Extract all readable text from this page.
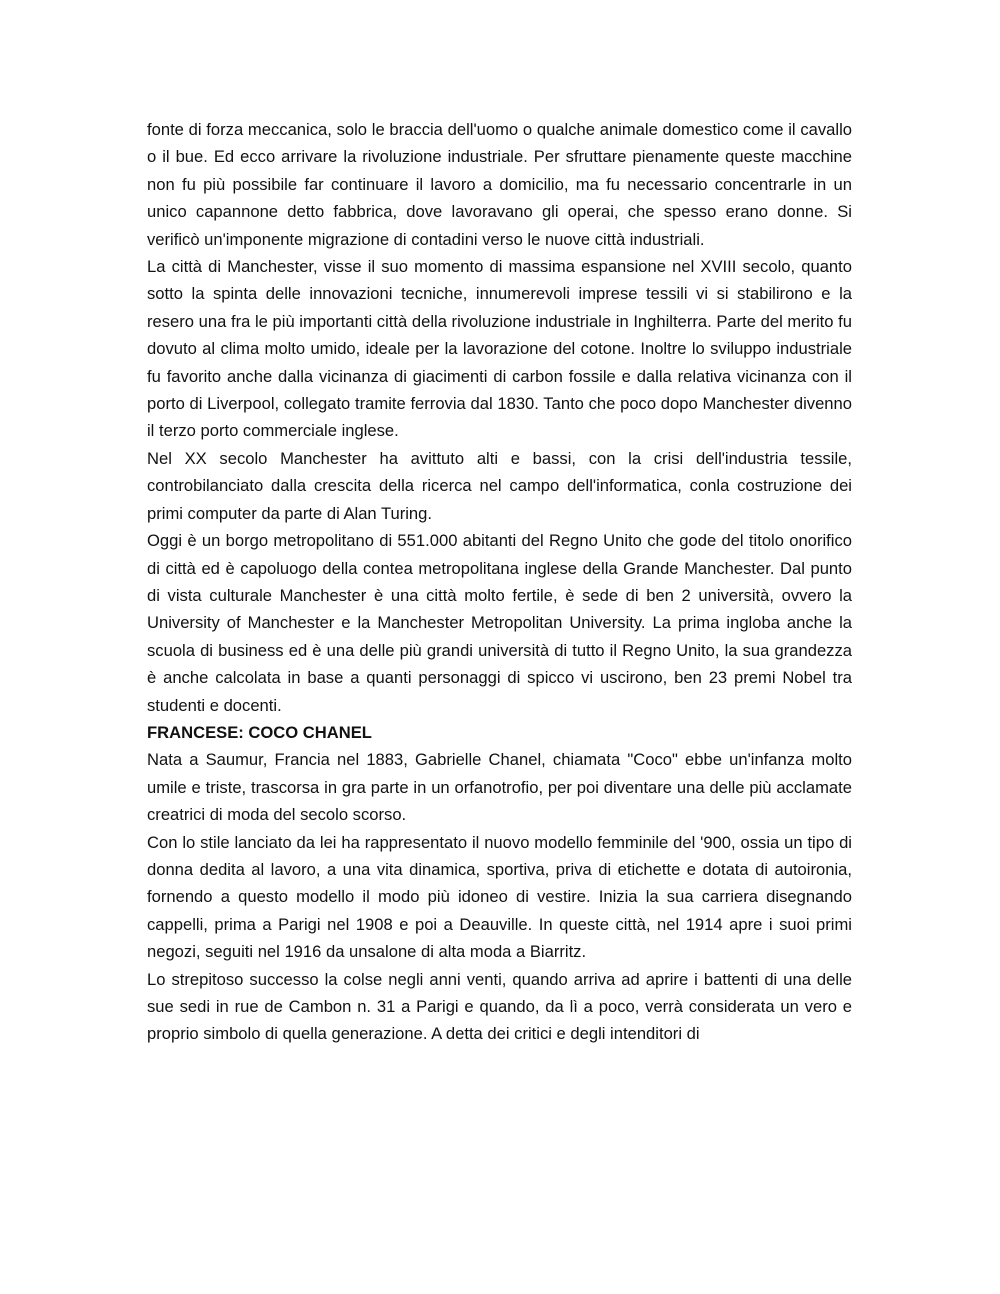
fonte di forza meccanica, solo le braccia dell'uomo o qualche animale domestico come il cavallo o il bue. Ed ecco arrivare la rivoluzione industriale. Per sfruttare pienamente queste macchine non fu più possibile far continuare il lavoro a domicilio, ma fu necessario concentrarle in un unico capannone detto fabbrica, dove lavoravano gli operai, che spesso erano donne. Si verificò un'imponente migrazione di contadini verso le nuove città industriali.

La città di Manchester, visse il suo momento di massima espansione nel XVIII secolo, quanto sotto la spinta delle innovazioni tecniche, innumerevoli imprese tessili vi si stabilirono e la resero una fra le più importanti città della rivoluzione industriale in Inghilterra. Parte del merito fu dovuto al clima molto umido, ideale per la lavorazione del cotone. Inoltre lo sviluppo industriale fu favorito anche dalla vicinanza di giacimenti di carbon fossile e dalla relativa vicinanza con il porto di Liverpool, collegato tramite ferrovia dal 1830. Tanto che poco dopo Manchester divenno il terzo porto commerciale inglese.

Nel XX secolo Manchester ha avittuto alti e bassi, con la crisi dell'industria tessile, controbilanciato dalla crescita della ricerca nel campo dell'informatica, conla costruzione dei primi computer da parte di Alan Turing.

Oggi è un borgo metropolitano di 551.000 abitanti del Regno Unito che gode del titolo onorifico di città ed è capoluogo della contea metropolitana inglese della Grande Manchester. Dal punto di vista culturale Manchester è una città molto fertile, è sede di ben 2 università, ovvero la University of Manchester e la Manchester Metropolitan University. La prima ingloba anche la scuola di business ed è una delle più grandi università di tutto il Regno Unito, la sua grandezza è anche calcolata in base a quanti personaggi di spicco vi uscirono, ben 23 premi Nobel tra studenti e docenti.

FRANCESE: COCO CHANEL

Nata a Saumur, Francia nel 1883, Gabrielle Chanel, chiamata "Coco" ebbe un'infanza molto umile e triste, trascorsa in gra parte in un orfanotrofio, per poi diventare una delle più acclamate creatrici di moda del secolo scorso.

Con lo stile lanciato da lei ha rappresentato il nuovo modello femminile del '900, ossia un tipo di donna dedita al lavoro, a una vita dinamica, sportiva, priva di etichette e dotata di autoironia, fornendo a questo modello il modo più idoneo di vestire. Inizia la sua carriera disegnando cappelli, prima a Parigi nel 1908 e poi a Deauville. In queste città, nel 1914 apre i suoi primi negozi, seguiti nel 1916 da unsalone di alta moda a Biarritz.

Lo strepitoso successo la colse negli anni venti, quando arriva ad aprire i battenti di una delle sue sedi in rue de Cambon n. 31 a Parigi e quando, da lì a poco, verrà considerata un vero e proprio simbolo di quella generazione. A detta dei critici e degli intenditori di
